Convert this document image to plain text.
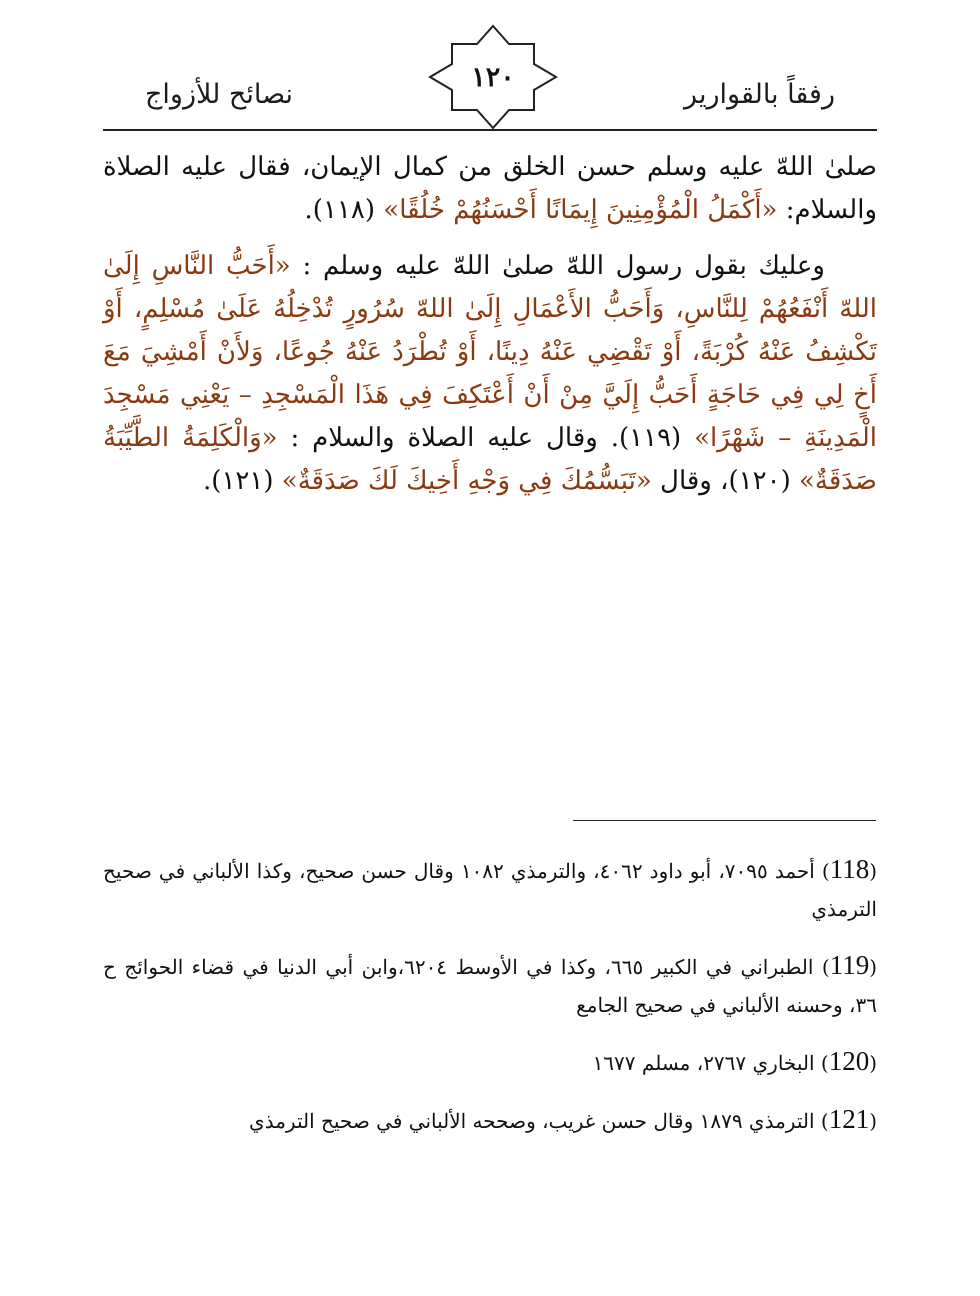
رفقاً بالقوارير
١٢٠
نصائح للأزواج

صلىٰ اللهّ عليه وسلم حسن الخلق من كمال الإيمان، فقال عليه الصلاة والسلام: «أَكْمَلُ الْمُؤْمِنِينَ إِيمَانًا أَحْسَنُهُمْ خُلُقًا» (١١٨).

  وعليك بقول رسول اللهّ صلىٰ اللهّ عليه وسلم : «أَحَبُّ النَّاسِ إِلَىٰ اللهّ أَنْفَعُهُمْ لِلنَّاسِ، وَأَحَبُّ الأَعْمَالِ إِلَىٰ اللهّ سُرُورٍ تُدْخِلُهُ عَلَىٰ مُسْلِمٍ، أَوْ تَكْشِفُ عَنْهُ كُرْبَةً، أَوْ تَقْضِي عَنْهُ دِينًا، أَوْ تُطْرَدُ عَنْهُ جُوعًا، وَلأَنْ أَمْشِيَ مَعَ أَخٍ لِي فِي حَاجَةٍ أَحَبُّ إِلَيَّ مِنْ أَنْ أَعْتَكِفَ فِي هَذَا الْمَسْجِدِ – يَعْنِي مَسْجِدَ الْمَدِينَةِ – شَهْرًا» (١١٩). وقال عليه الصلاة والسلام : «وَالْكَلِمَةُ الطَّيِّبَةُ صَدَقَةٌ» (١٢٠)، وقال «تَبَسُّمُكَ فِي وَجْهِ أَخِيكَ لَكَ صَدَقَةٌ» (١٢١).

(118) أحمد ٧٠٩٥، أبو داود ٤٠٦٢، والترمذي ١٠٨٢ وقال حسن صحيح، وكذا الألباني في صحيح الترمذي
(119) الطبراني في الكبير ٦٦٥، وكذا في الأوسط ٦٢٠٤،وابن أبي الدنيا في قضاء الحوائج ح ٣٦، وحسنه الألباني في صحيح الجامع
(120) البخاري ٢٧٦٧، مسلم ١٦٧٧
(121) الترمذي ١٨٧٩ وقال حسن غريب، وصححه الألباني في صحيح الترمذي
